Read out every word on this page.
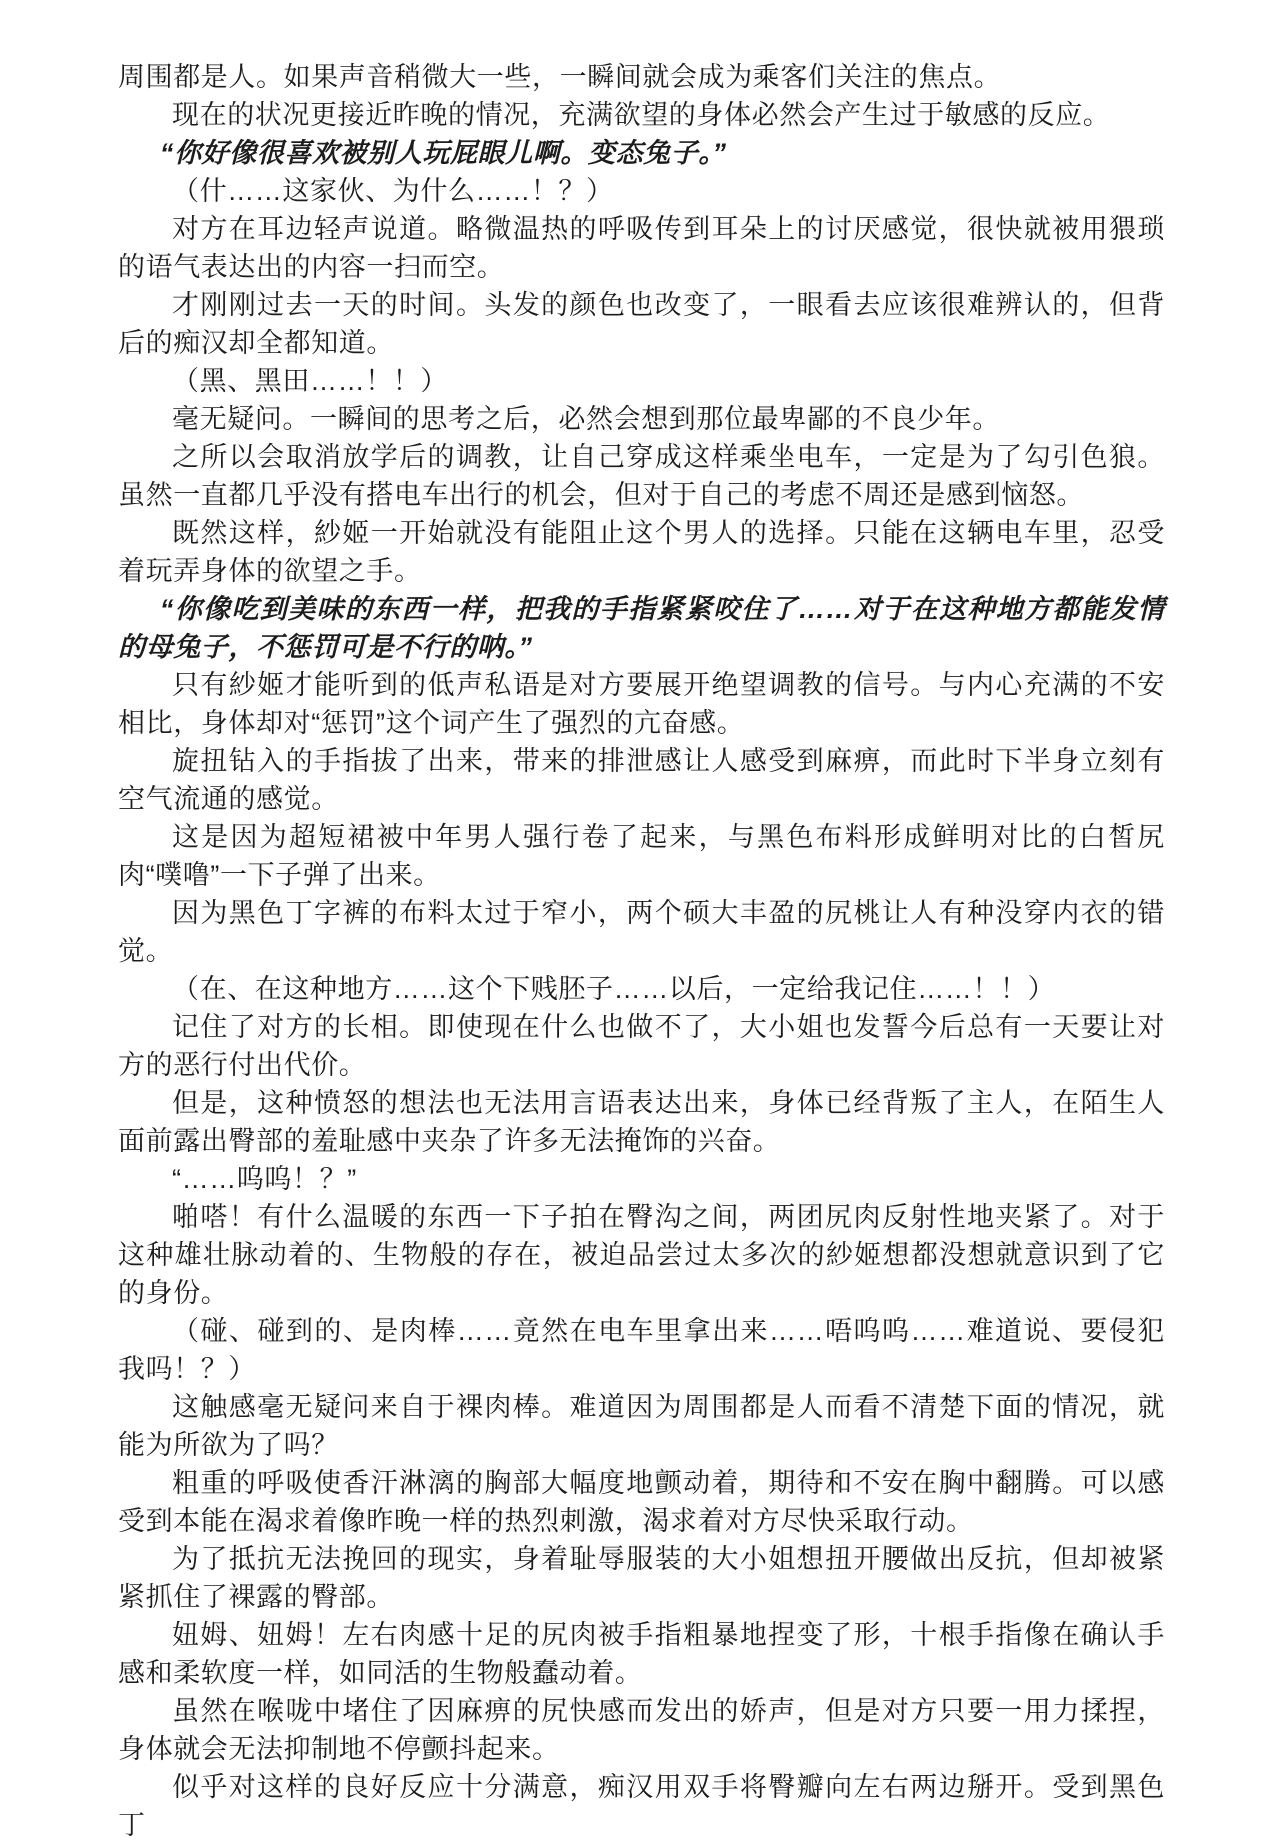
周围都是人。如果声音稍微大一些，一瞬间就会成为乘客们关注的焦点。

现在的状况更接近昨晚的情况，充满欲望的身体必然会产生过于敏感的反应。

“你好像很喜欢被别人玩屁眼儿啊。变态兔子。”

（什……这家伙、为什么……！？）

对方在耳边轻声说道。略微温热的呼吸传到耳朵上的讨厌感觉，很快就被用猥琐的语气表达出的内容一扫而空。

才刚刚过去一天的时间。头发的颜色也改变了，一眼看去应该很难辨认的，但背后的痴汉却全都知道。

（黑、黑田……！！）

毫无疑问。一瞬间的思考之后，必然会想到那位最卑鄙的不良少年。

之所以会取消放学后的调教，让自己穿成这样乘坐电车，一定是为了勾引色狼。虽然一直都几乎没有搭电车出行的机会，但对于自己的考虑不周还是感到恼怒。

既然这样，紗姬一开始就没有能阻止这个男人的选择。只能在这辆电车里，忍受着玩弄身体的欲望之手。

“你像吃到美味的东西一样，把我的手指紧紧咬住了……对于在这种地方都能发情的母兔子，不惩罚可是不行的呐。”

只有紗姬才能听到的低声私语是对方要展开绝望调教的信号。与内心充满的不安相比，身体却对“惩罚”这个词产生了强烈的亢奋感。

旋扭钻入的手指拔了出来，带来的排泄感让人感受到麻痹，而此时下半身立刻有空气流通的感觉。

这是因为超短裙被中年男人强行卷了起来，与黑色布料形成鲜明对比的白皙尻肉“噗噜”一下子弹了出来。

因为黑色丁字裤的布料太过于窄小，两个硕大丰盈的尻桃让人有种没穿内衣的错觉。

（在、在这种地方……这个下贱胚子……以后，一定给我记住……！！）

记住了对方的长相。即使现在什么也做不了，大小姐也发誓今后总有一天要让对方的恶行付出代价。

但是，这种愤怒的想法也无法用言语表达出来，身体已经背叛了主人，在陌生人面前露出臀部的羞耻感中夹杂了许多无法掩饰的兴奋。

“……呜呜！？”

啪嗒！有什么温暖的东西一下子拍在臀沟之间，两团尻肉反射性地夹紧了。对于这种雄壮脉动着的、生物般的存在，被迫品尝过太多次的紗姬想都没想就意识到了它的身份。

（碰、碰到的、是肉棒……竟然在电车里拿出来……唔呜呜……难道说、要侵犯我吗！？）

这触感毫无疑问来自于裸肉棒。难道因为周围都是人而看不清楚下面的情况，就能为所欲为了吗？

粗重的呼吸使香汗淋漓的胸部大幅度地颤动着，期待和不安在胸中翻腾。可以感受到本能在渴求着像昨晚一样的热烈刺激，渴求着对方尽快采取行动。

为了抵抗无法挽回的现实，身着耻辱服装的大小姐想扭开腰做出反抗，但却被紧紧抓住了裸露的臀部。

妞姆、妞姆！左右肉感十足的尻肉被手指粗暴地捏变了形，十根手指像在确认手感和柔软度一样，如同活的生物般蠢动着。

虽然在喉咙中堵住了因麻痹的尻快感而发出的娇声，但是对方只要一用力揉捏，身体就会无法抑制地不停颤抖起来。

似乎对这样的良好反应十分满意，痴汉用双手将臀瓣向左右两边掰开。受到黑色丁
